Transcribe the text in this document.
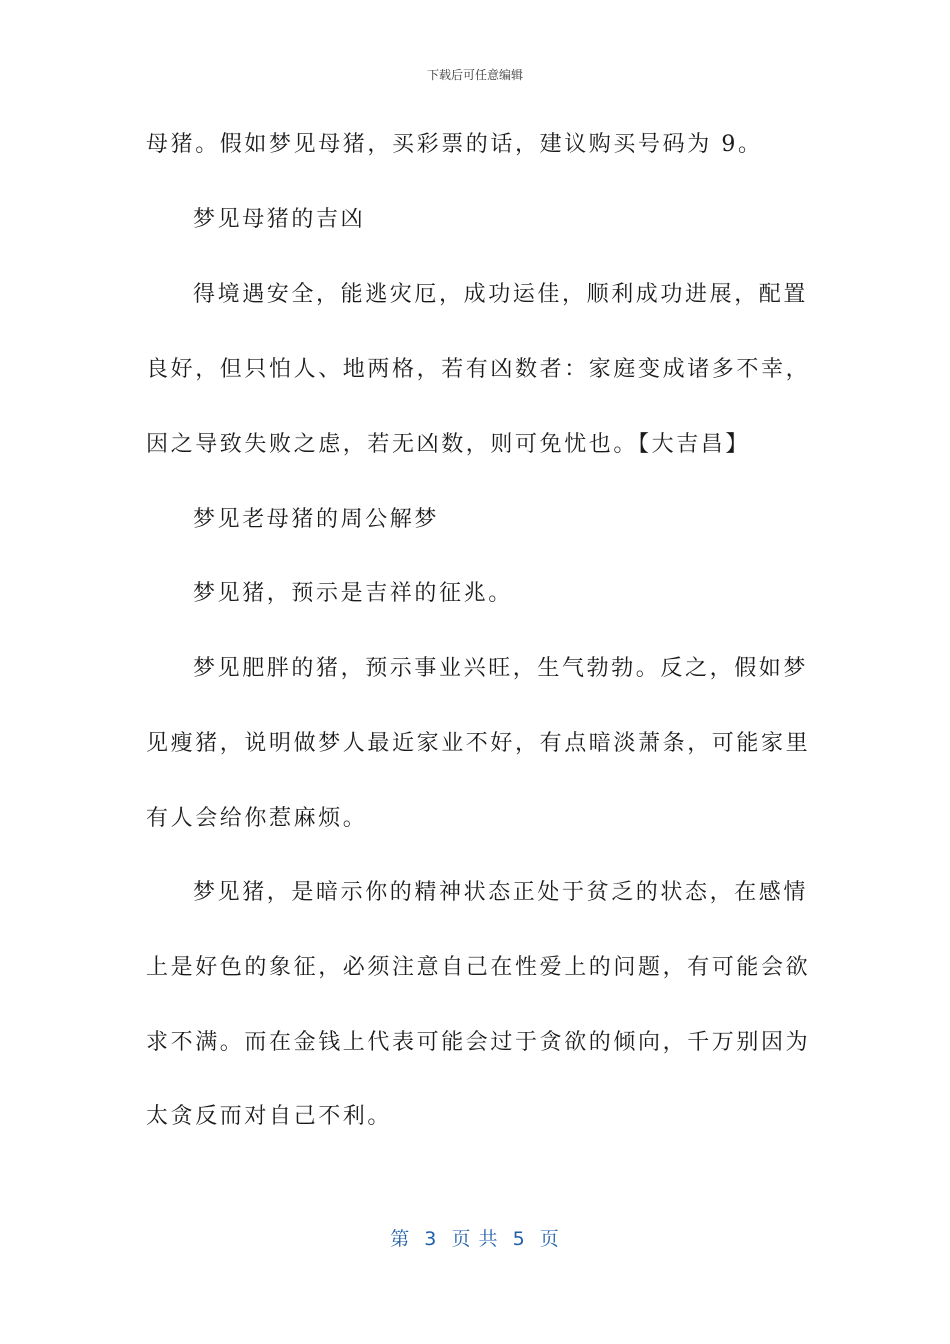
下载后可任意编辑
母猪。假如梦见母猪，买彩票的话，建议购买号码为 9。
梦见母猪的吉凶
得境遇安全，能逃灾厄，成功运佳，顺利成功进展，配置
良好，但只怕人、地两格，若有凶数者：家庭变成诸多不幸，
因之导致失败之虑，若无凶数，则可免忧也。【大吉昌】
梦见老母猪的周公解梦
梦见猪，预示是吉祥的征兆。
梦见肥胖的猪，预示事业兴旺，生气勃勃。反之，假如梦
见瘦猪，说明做梦人最近家业不好，有点暗淡萧条，可能家里
有人会给你惹麻烦。
梦见猪，是暗示你的精神状态正处于贫乏的状态，在感情
上是好色的象征，必须注意自己在性爱上的问题，有可能会欲
求不满。而在金钱上代表可能会过于贪欲的倾向，千万别因为
太贪反而对自己不利。
第  3  页 共  5  页
